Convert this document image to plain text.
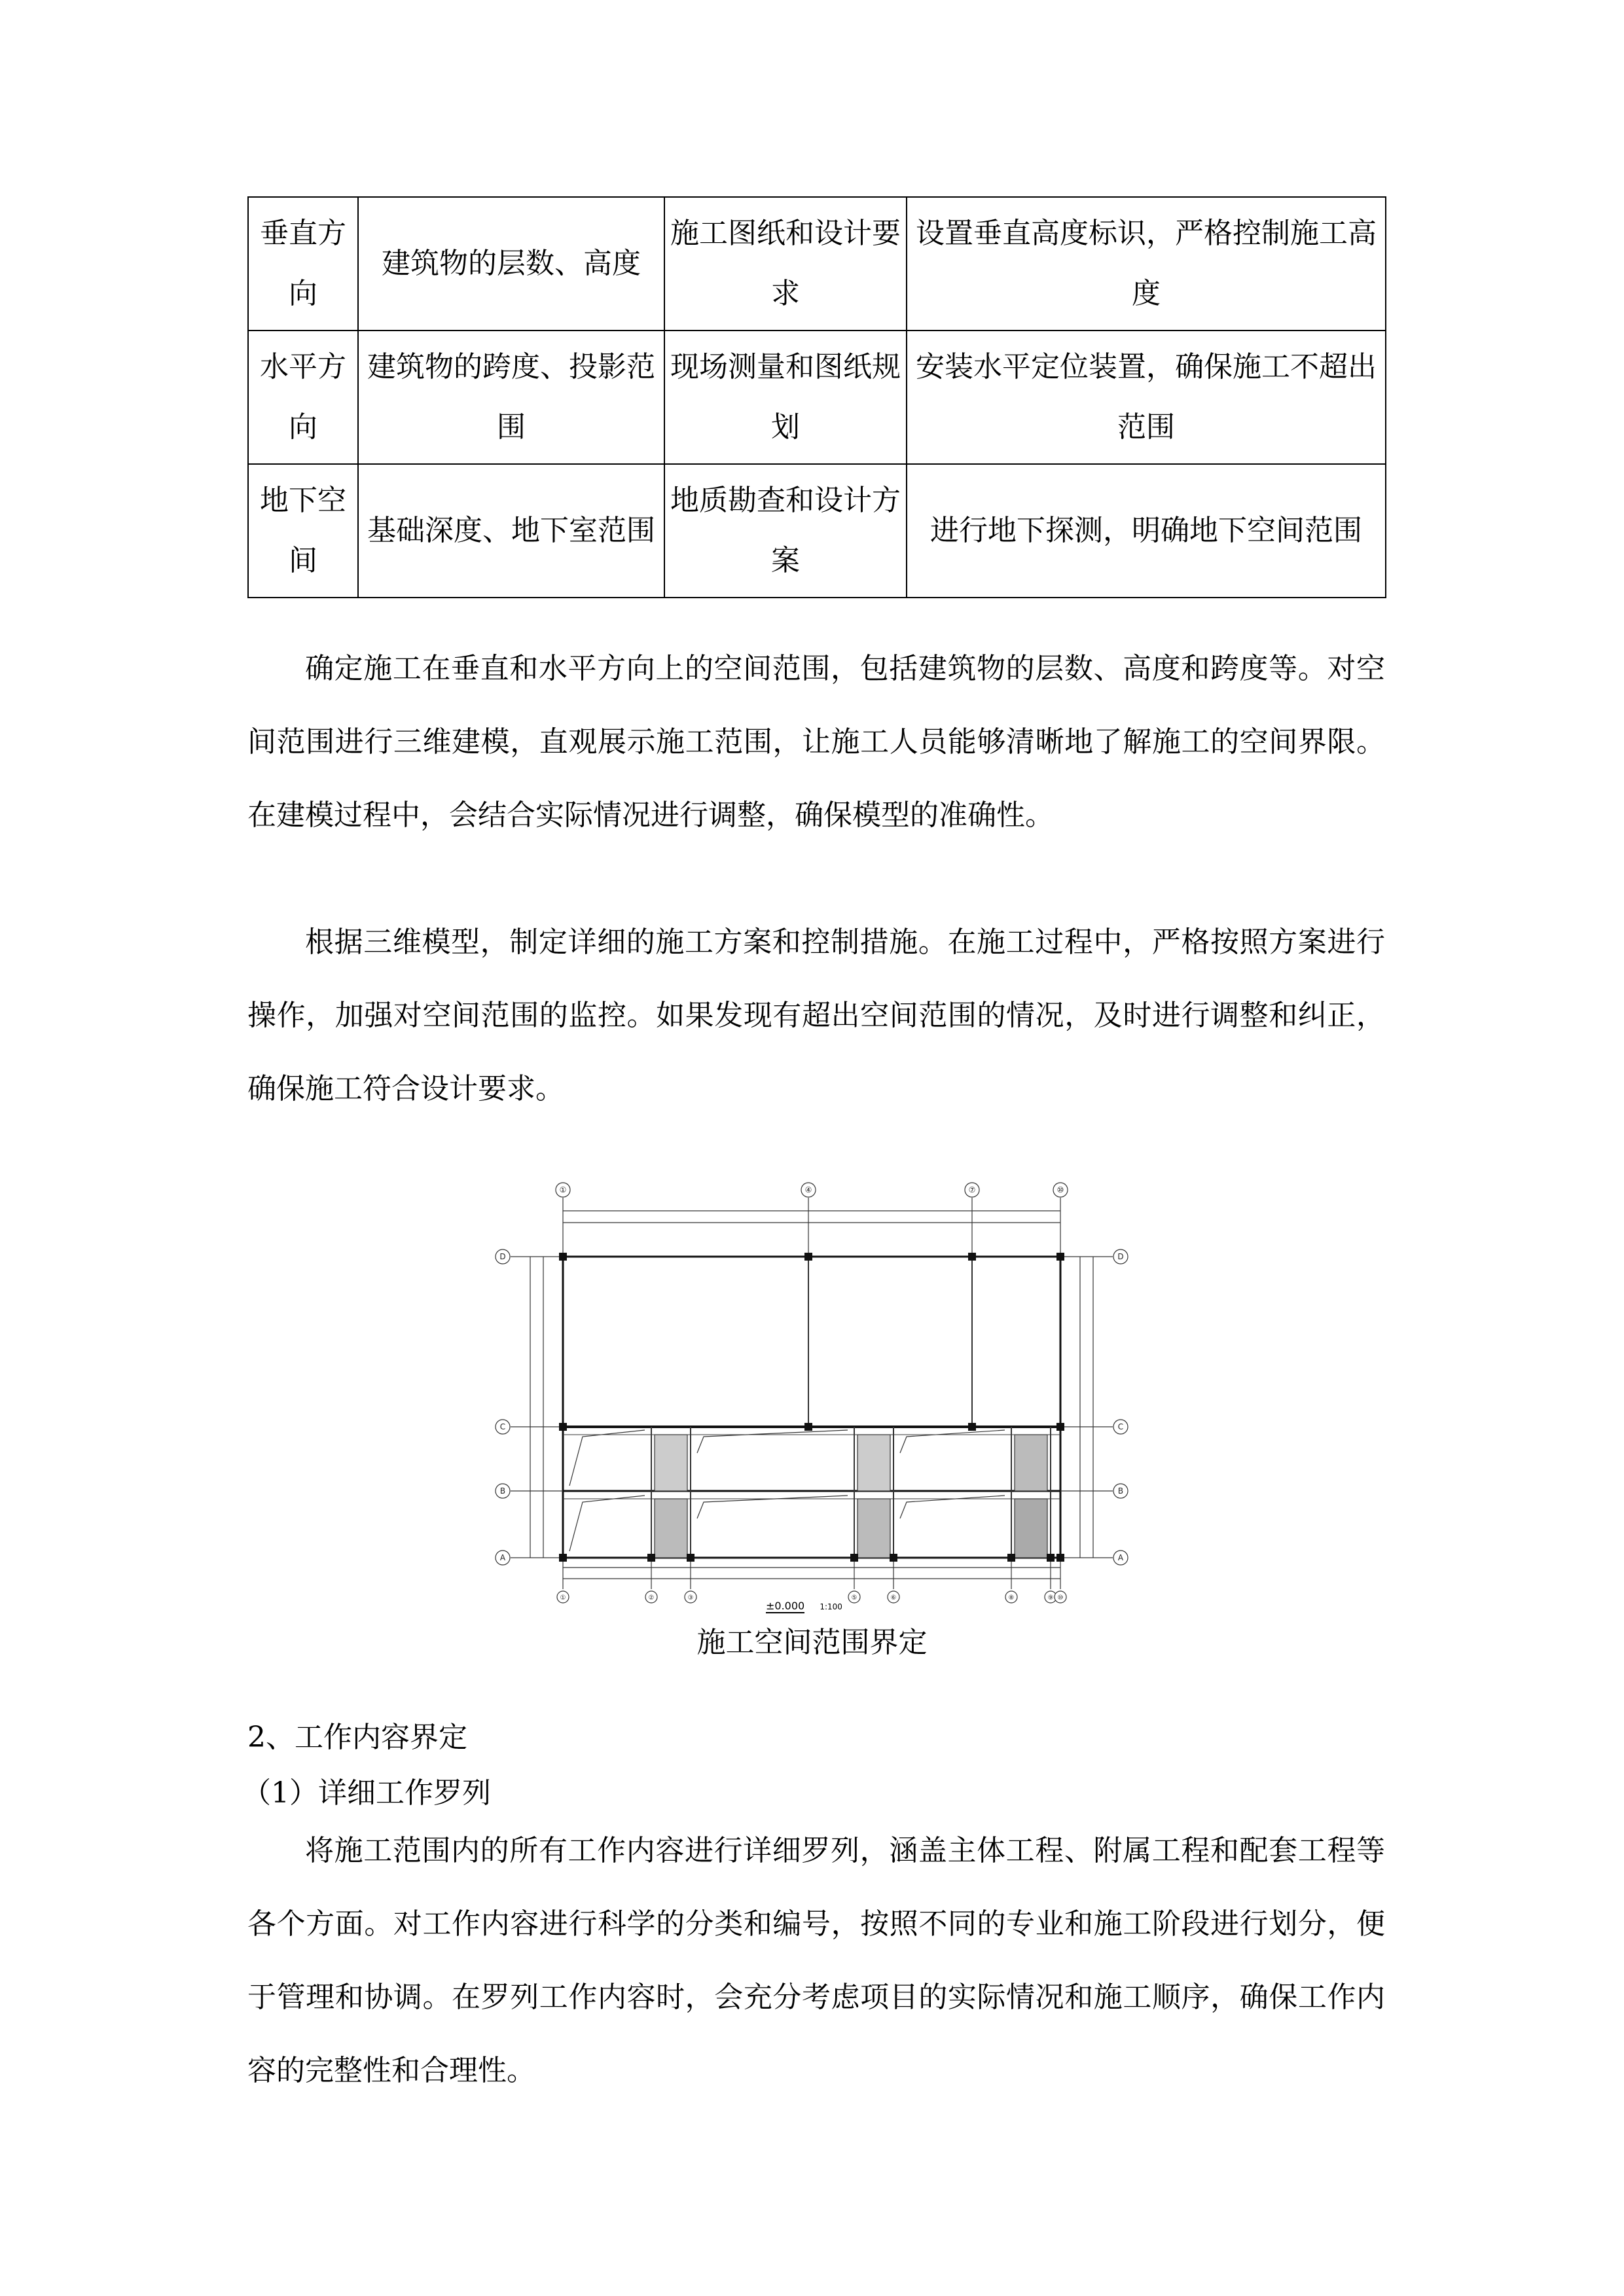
垂直方向	建筑物的层数、高度	施工图纸和设计要求	设置垂直高度标识，严格控制施工高度
水平方向	建筑物的跨度、投影范围	现场测量和图纸规划	安装水平定位装置，确保施工不超出范围
地下空间	基础深度、地下室范围	地质勘查和设计方案	进行地下探测，明确地下空间范围

确定施工在垂直和水平方向上的空间范围，包括建筑物的层数、高度和跨度等。对空间范围进行三维建模，直观展示施工范围，让施工人员能够清晰地了解施工的空间界限。在建模过程中，会结合实际情况进行调整，确保模型的准确性。

根据三维模型，制定详细的施工方案和控制措施。在施工过程中，严格按照方案进行操作，加强对空间范围的监控。如果发现有超出空间范围的情况，及时进行调整和纠正，确保施工符合设计要求。

①	④	⑦	⑩
D
C
B
A
D
C
B
A
①	②	③	⑤	⑥	⑧	⑨ ⑩
±0.000 1:100

施工空间范围界定

2、工作内容界定

（1）详细工作罗列

将施工范围内的所有工作内容进行详细罗列，涵盖主体工程、附属工程和配套工程等各个方面。对工作内容进行科学的分类和编号，按照不同的专业和施工阶段进行划分，便于管理和协调。在罗列工作内容时，会充分考虑项目的实际情况和施工顺序，确保工作内容的完整性和合理性。
